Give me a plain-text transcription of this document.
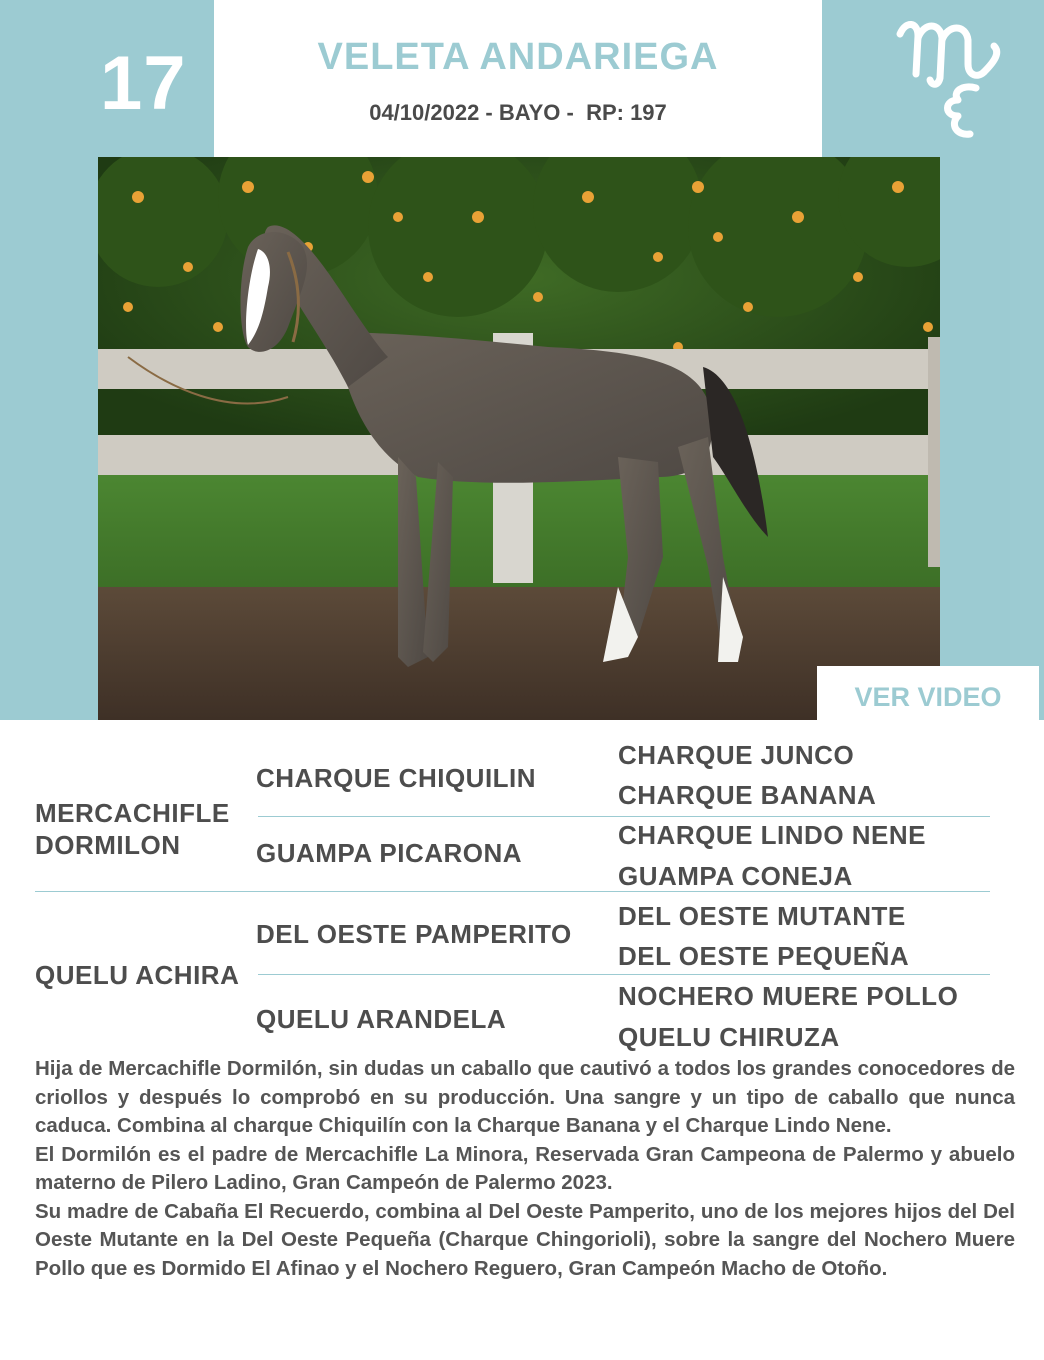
17	VELETA ANDARIEGA
04/10/2022 - BAYO -  RP: 197
VER VIDEO
MERCACHIFLE
DORMILON
QUELU ACHIRA
CHARQUE CHIQUILIN
GUAMPA PICARONA
DEL OESTE PAMPERITO
QUELU ARANDELA
CHARQUE JUNCO
CHARQUE BANANA
CHARQUE LINDO NENE
GUAMPA CONEJA
DEL OESTE MUTANTE
DEL OESTE PEQUEÑA
NOCHERO MUERE POLLO
QUELU CHIRUZA

Hija de Mercachifle Dormilón, sin dudas un caballo que cautivó a todos los grandes conocedores de criollos y después lo comprobó en su producción. Una sangre y un tipo de caballo que nunca caduca. Combina al charque Chiquilín con la Charque Banana y el Charque Lindo Nene.

El Dormilón es el padre de Mercachifle La Minora, Reservada Gran Campeona de Palermo y abuelo materno de Pilero Ladino, Gran Campeón de Palermo 2023.

Su madre de Cabaña El Recuerdo, combina al Del Oeste Pamperito, uno de los mejores hijos del Del Oeste Mutante en la Del Oeste Pequeña (Charque Chingorioli), sobre la sangre del Nochero Muere Pollo que es Dormido El Afinao y el Nochero Reguero, Gran Campeón Macho de Otoño.
